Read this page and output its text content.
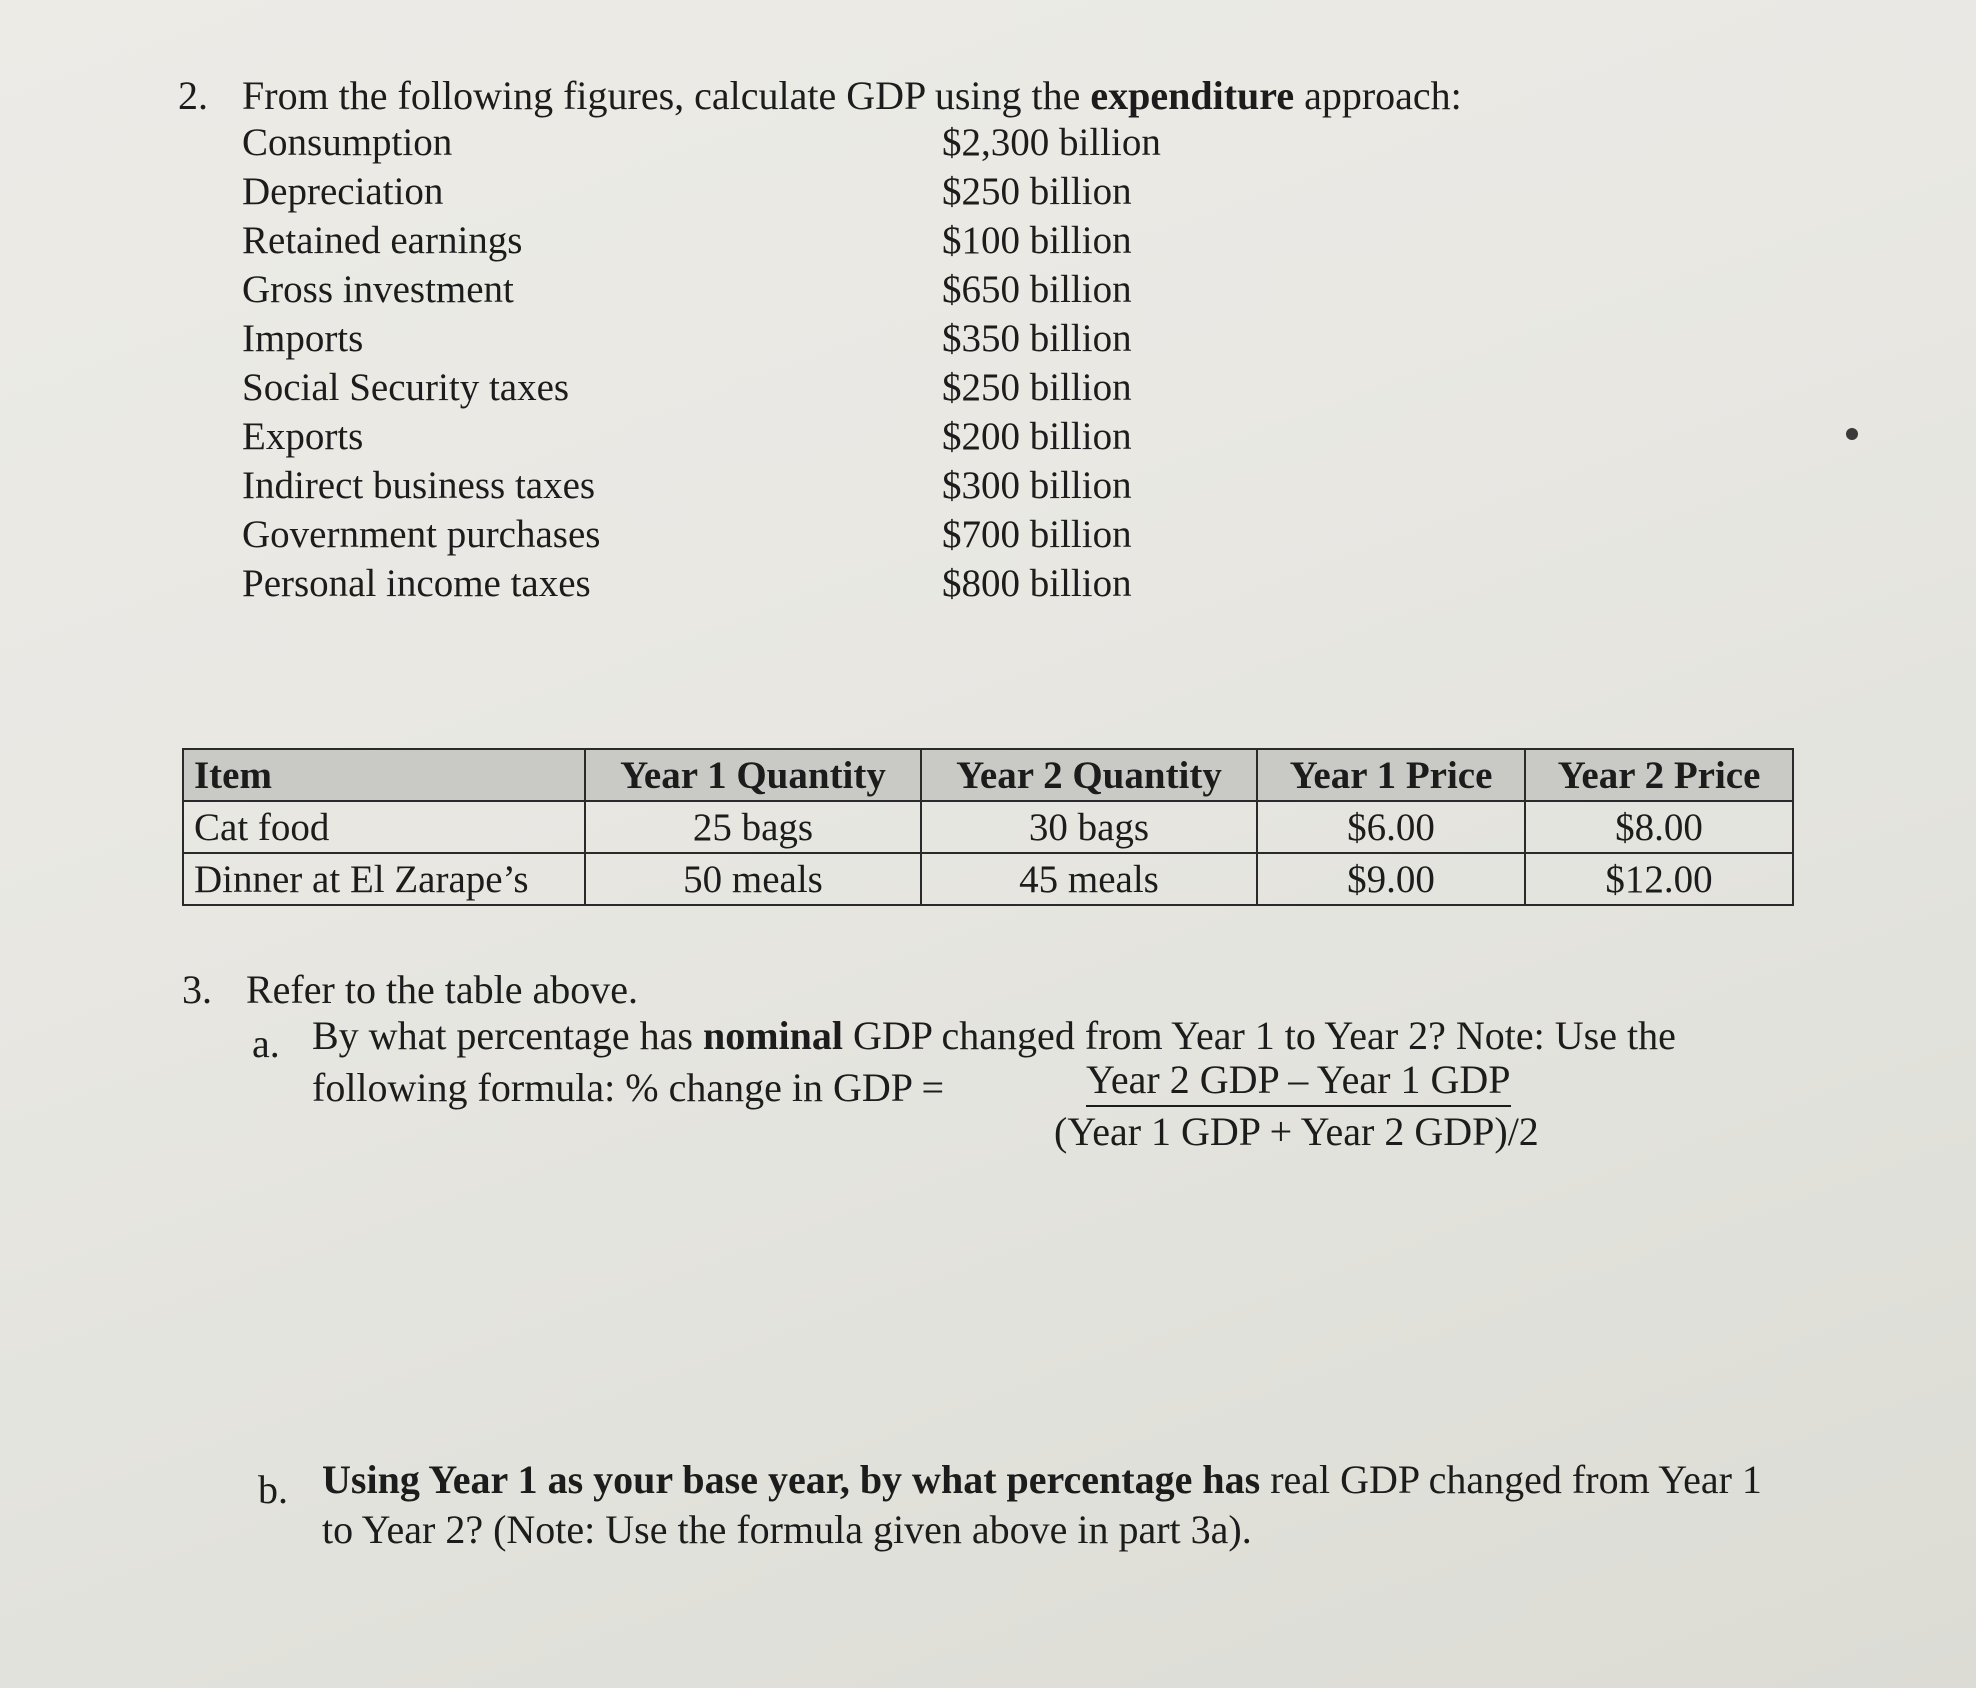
2. From the following figures, calculate GDP using the expenditure approach:
Consumption	$2,300 billion
Depreciation	$250 billion
Retained earnings	$100 billion
Gross investment	$650 billion
Imports	$350 billion
Social Security taxes	$250 billion
Exports	$200 billion
Indirect business taxes	$300 billion
Government purchases	$700 billion
Personal income taxes	$800 billion
Item	Year 1 Quantity	Year 2 Quantity	Year 1 Price	Year 2 Price
Cat food	25 bags	30 bags	$6.00	$8.00
Dinner at El Zarape’s	50 meals	45 meals	$9.00	$12.00
3. Refer to the table above.
a. By what percentage has nominal GDP changed from Year 1 to Year 2? Note: Use the
following formula: % change in GDP =	Year 2 GDP – Year 1 GDP
(Year 1 GDP + Year 2 GDP)/2
b. Using Year 1 as your base year, by what percentage has real GDP changed from Year 1
to Year 2? (Note: Use the formula given above in part 3a).
